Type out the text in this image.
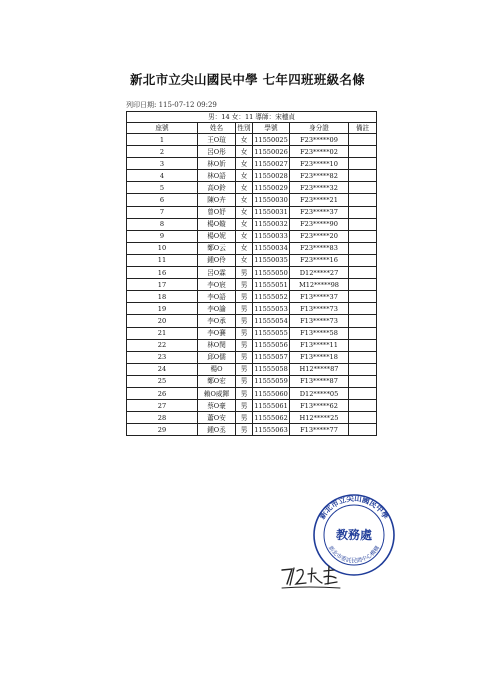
新北市立尖山國民中學 七年四班班級名條
列印日期: 115-07-12 09:29
男：14 女：11 導師：宋穗貞					
座號	姓名	性別	學號	身分證	備註
1	王O瑄	女	11550025	F23*****09	
2	呂O彤	女	11550026	F23*****02	
3	林O妡	女	11550027	F23*****10	
4	林O語	女	11550028	F23*****82	
5	高O鈴	女	11550029	F23*****32	
6	陳O卉	女	11550030	F23*****21	
7	曾O妤	女	11550031	F23*****37	
8	楊O嫙	女	11550032	F23*****90	
9	楊O妮	女	11550033	F23*****20	
10	鄭O云	女	11550034	F23*****83	
11	鍾O伶	女	11550035	F23*****16	
16	呂O霖	男	11555050	D12*****27	
17	李O宸	男	11555051	M12*****98	
18	李O語	男	11555052	F13*****37	
19	李O諭	男	11555053	F13*****73	
20	李O承	男	11555054	F13*****73	
21	李O賽	男	11555055	F13*****58	
22	林O閔	男	11555056	F13*****11	
23	邱O儒	男	11555057	F13*****18	
24	楊O	男	11555058	H12*****87	
25	鄭O宏	男	11555059	F13*****87	
26	賴O威鍕	男	11555060	D12*****05	
27	蔡O豪	男	11555061	F13*****62	
28	蕭O安	男	11555062	H12*****25	
29	鍾O丞	男	11555063	F13*****77	
新北市立尖山國民中學
教務處
新北市委託民間中心機構
